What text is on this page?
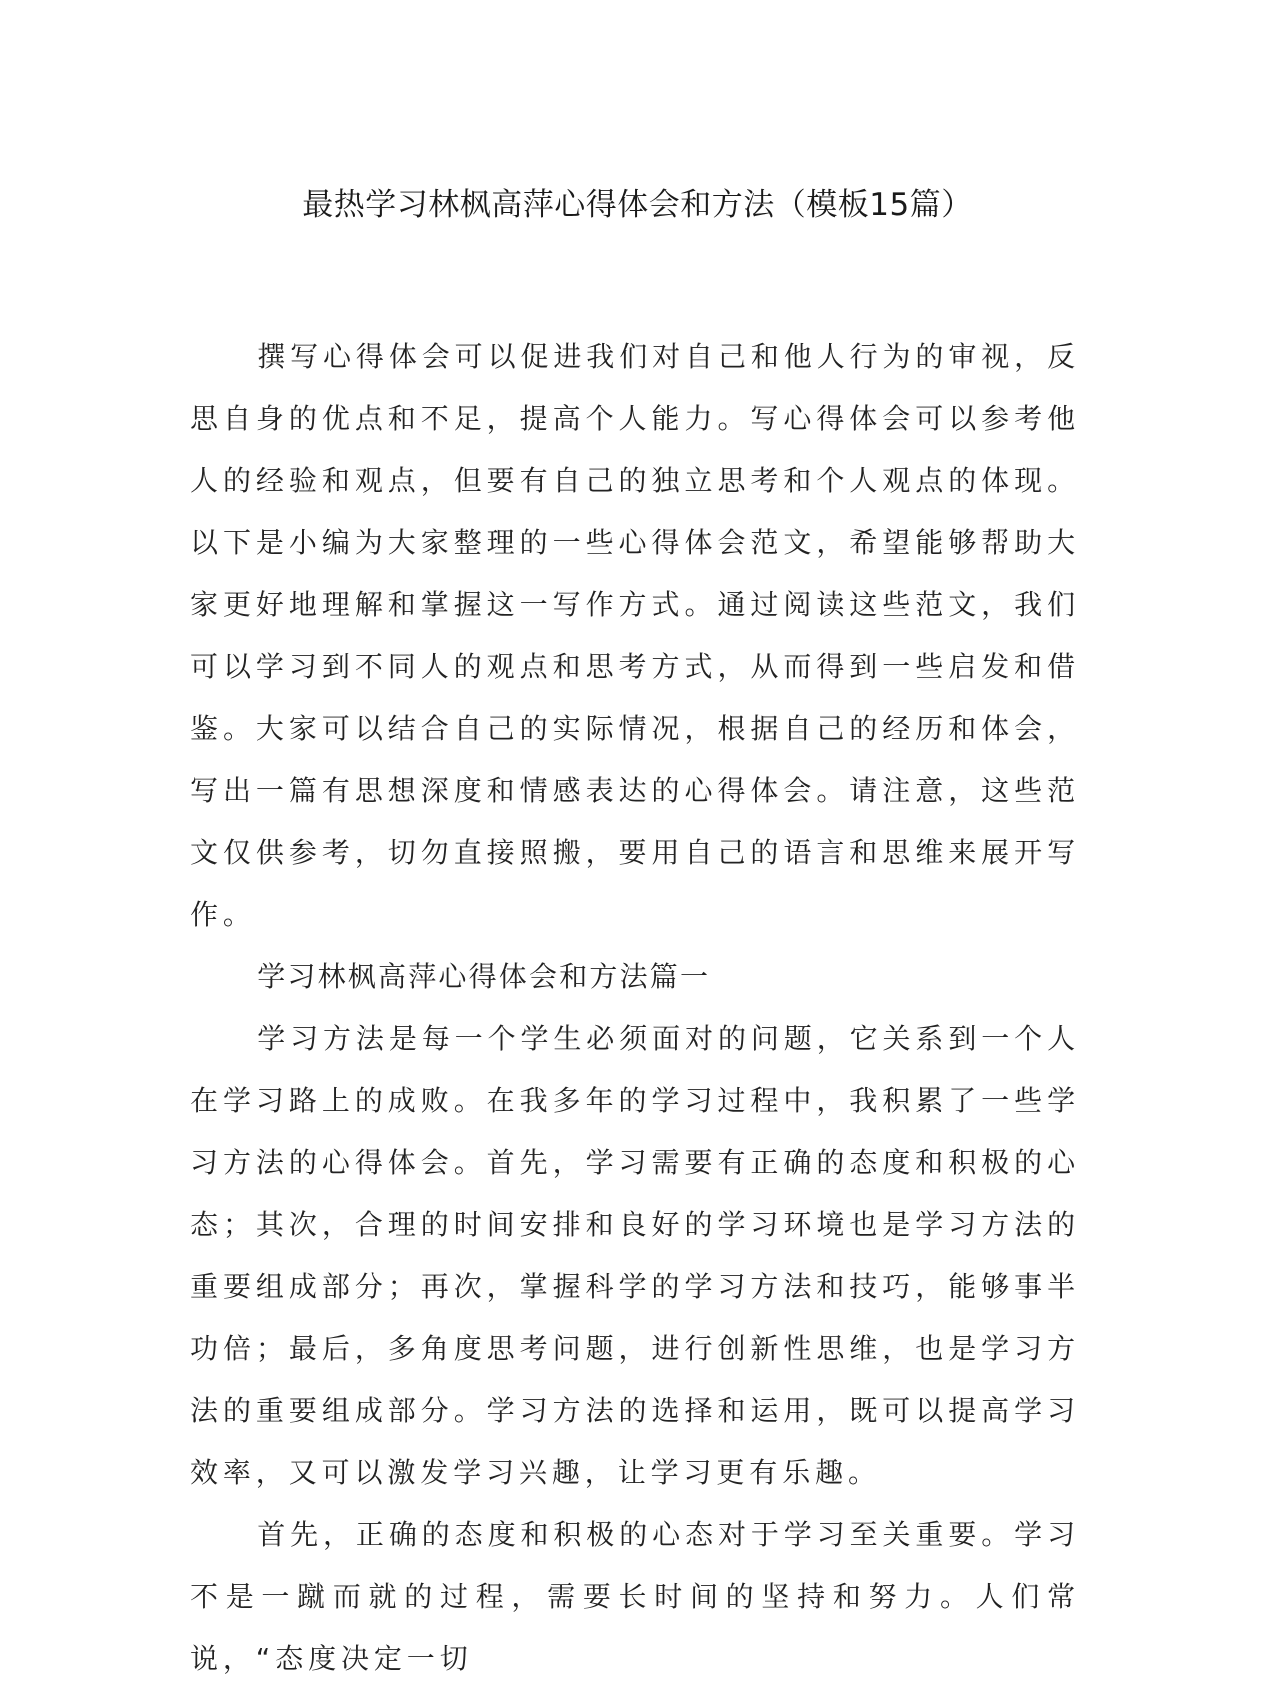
最热学习林枫高萍心得体会和方法（模板15篇）

撰写心得体会可以促进我们对自己和他人行为的审视，反思自身的优点和不足，提高个人能力。写心得体会可以参考他人的经验和观点，但要有自己的独立思考和个人观点的体现。以下是小编为大家整理的一些心得体会范文，希望能够帮助大家更好地理解和掌握这一写作方式。通过阅读这些范文，我们可以学习到不同人的观点和思考方式，从而得到一些启发和借鉴。大家可以结合自己的实际情况，根据自己的经历和体会，写出一篇有思想深度和情感表达的心得体会。请注意，这些范文仅供参考，切勿直接照搬，要用自己的语言和思维来展开写作。

学习林枫高萍心得体会和方法篇一

学习方法是每一个学生必须面对的问题，它关系到一个人在学习路上的成败。在我多年的学习过程中，我积累了一些学习方法的心得体会。首先，学习需要有正确的态度和积极的心态；其次，合理的时间安排和良好的学习环境也是学习方法的重要组成部分；再次，掌握科学的学习方法和技巧，能够事半功倍；最后，多角度思考问题，进行创新性思维，也是学习方法的重要组成部分。学习方法的选择和运用，既可以提高学习效率，又可以激发学习兴趣，让学习更有乐趣。

首先，正确的态度和积极的心态对于学习至关重要。学习不是一蹴而就的过程，需要长时间的坚持和努力。人们常说，“态度决定一切
